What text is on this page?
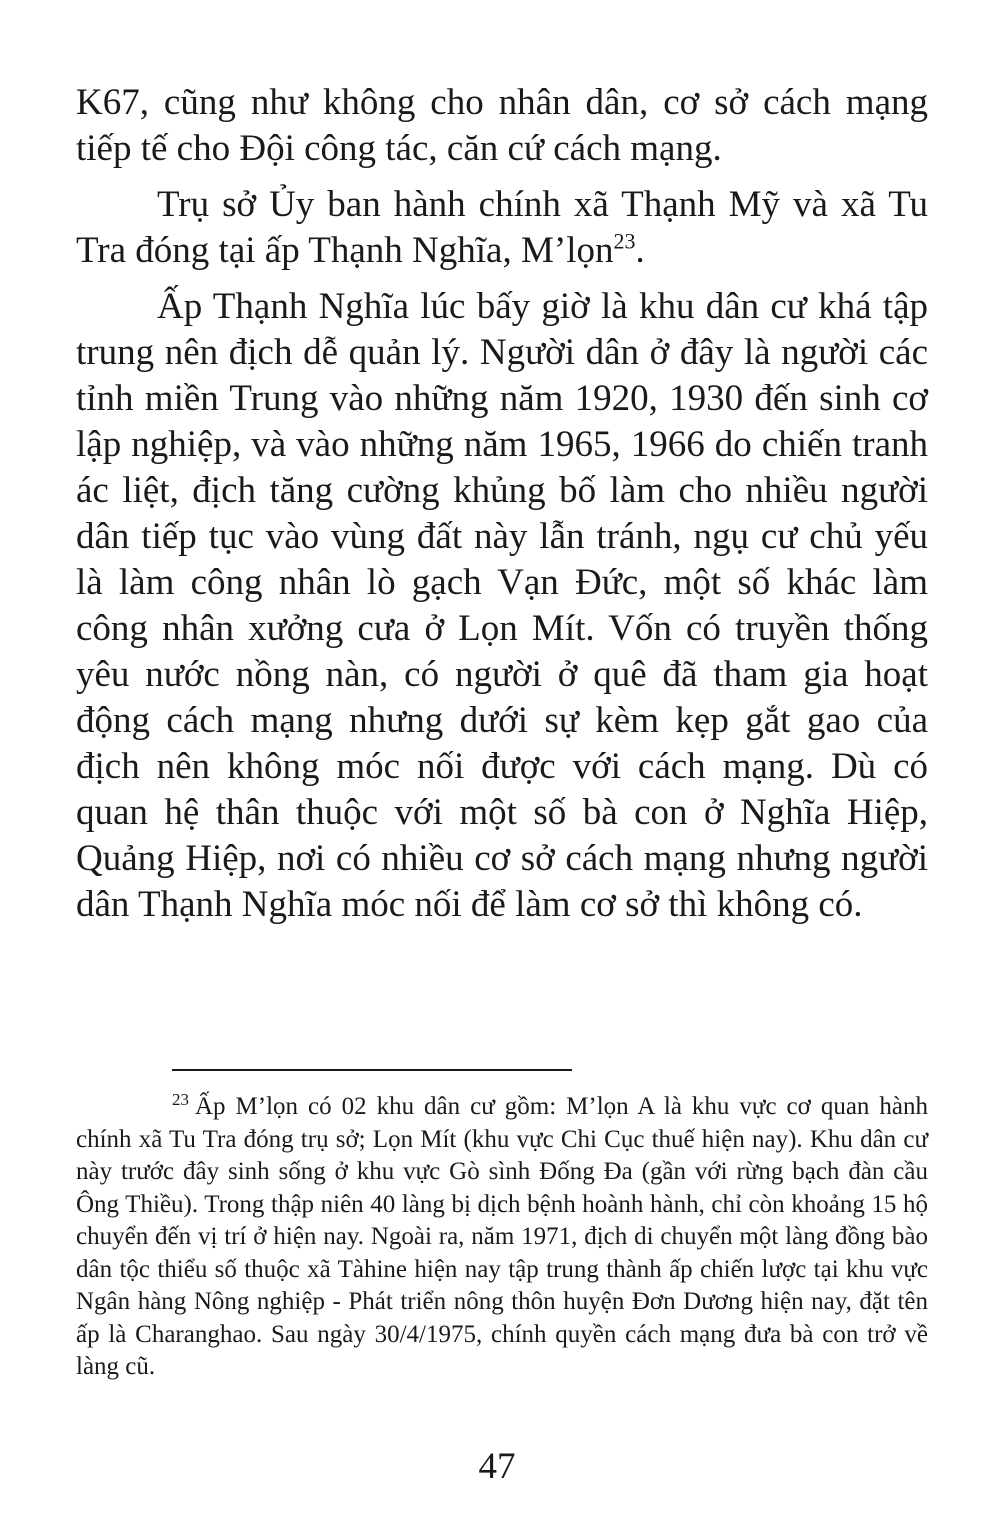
K67, cũng như không cho nhân dân, cơ sở cách mạng tiếp tế cho Đội công tác, căn cứ cách mạng.

Trụ sở Ủy ban hành chính xã Thạnh Mỹ và xã Tu Tra đóng tại ấp Thạnh Nghĩa, M’lọn$^{23}$.

Ấp Thạnh Nghĩa lúc bấy giờ là khu dân cư khá tập trung nên địch dễ quản lý. Người dân ở đây là người các tỉnh miền Trung vào những năm 1920, 1930 đến sinh cơ lập nghiệp, và vào những năm 1965, 1966 do chiến tranh ác liệt, địch tăng cường khủng bố làm cho nhiều người dân tiếp tục vào vùng đất này lẫn tránh, ngụ cư chủ yếu là làm công nhân lò gạch Vạn Đức, một số khác làm công nhân xưởng cưa ở Lọn Mít. Vốn có truyền thống yêu nước nồng nàn, có người ở quê đã tham gia hoạt động cách mạng nhưng dưới sự kèm kẹp gắt gao của địch nên không móc nối được với cách mạng. Dù có quan hệ thân thuộc với một số bà con ở Nghĩa Hiệp, Quảng Hiệp, nơi có nhiều cơ sở cách mạng nhưng người dân Thạnh Nghĩa móc nối để làm cơ sở thì không có.

$^{23}$ Ấp M’lọn có 02 khu dân cư gồm: M’lọn A là khu vực cơ quan hành chính xã Tu Tra đóng trụ sở; Lọn Mít (khu vực Chi Cục thuế hiện nay). Khu dân cư này trước đây sinh sống ở khu vực Gò sình Đống Đa (gần với rừng bạch đàn cầu Ông Thiều). Trong thập niên 40 làng bị dịch bệnh hoành hành, chỉ còn khoảng 15 hộ chuyển đến vị trí ở hiện nay. Ngoài ra, năm 1971, địch di chuyển một làng đồng bào dân tộc thiểu số thuộc xã Tàhine hiện nay tập trung thành ấp chiến lược tại khu vực Ngân hàng Nông nghiệp - Phát triển nông thôn huyện Đơn Dương hiện nay, đặt tên ấp là Charanghao. Sau ngày 30/4/1975, chính quyền cách mạng đưa bà con trở về làng cũ.

47
